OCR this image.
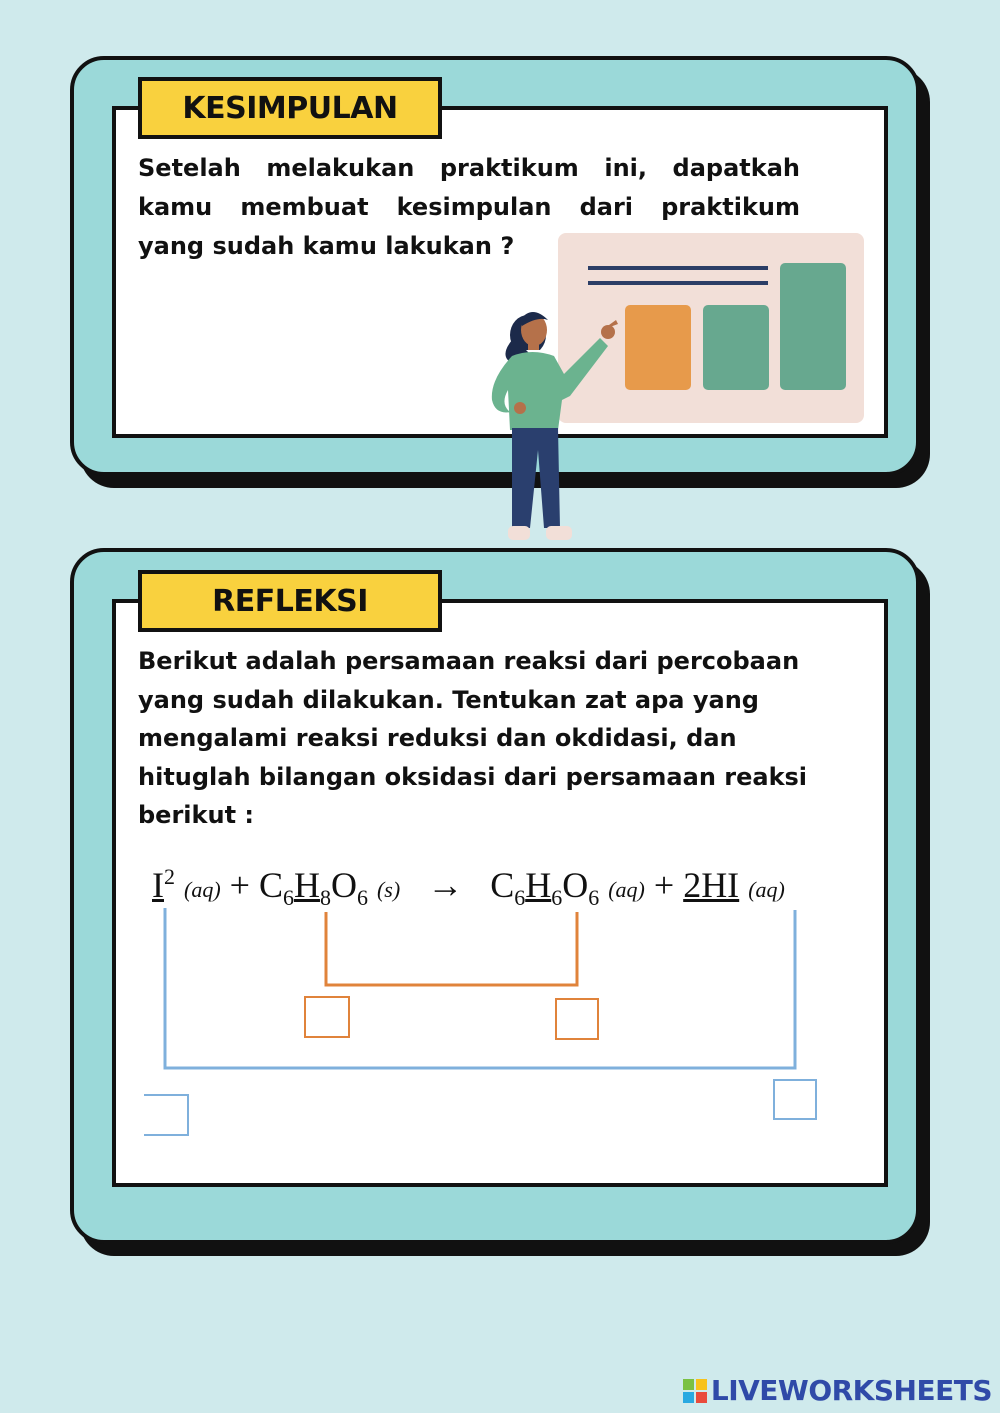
KESIMPULAN
Setelah melakukan praktikum ini, dapatkah
kamu membuat kesimpulan dari praktikum
yang sudah kamu lakukan ?
REFLEKSI
Berikut adalah persamaan reaksi dari percobaan
yang sudah dilakukan. Tentukan zat apa yang
mengalami reaksi reduksi dan okdidasi, dan
hituglah bilangan oksidasi dari persamaan reaksi
berikut :
$I^2$ $(aq) + C_6H_8O_6$ $(s) \to C_6H_6O_6$ (aq) + 2HI (aq)
LIVEWORKSHEETS
